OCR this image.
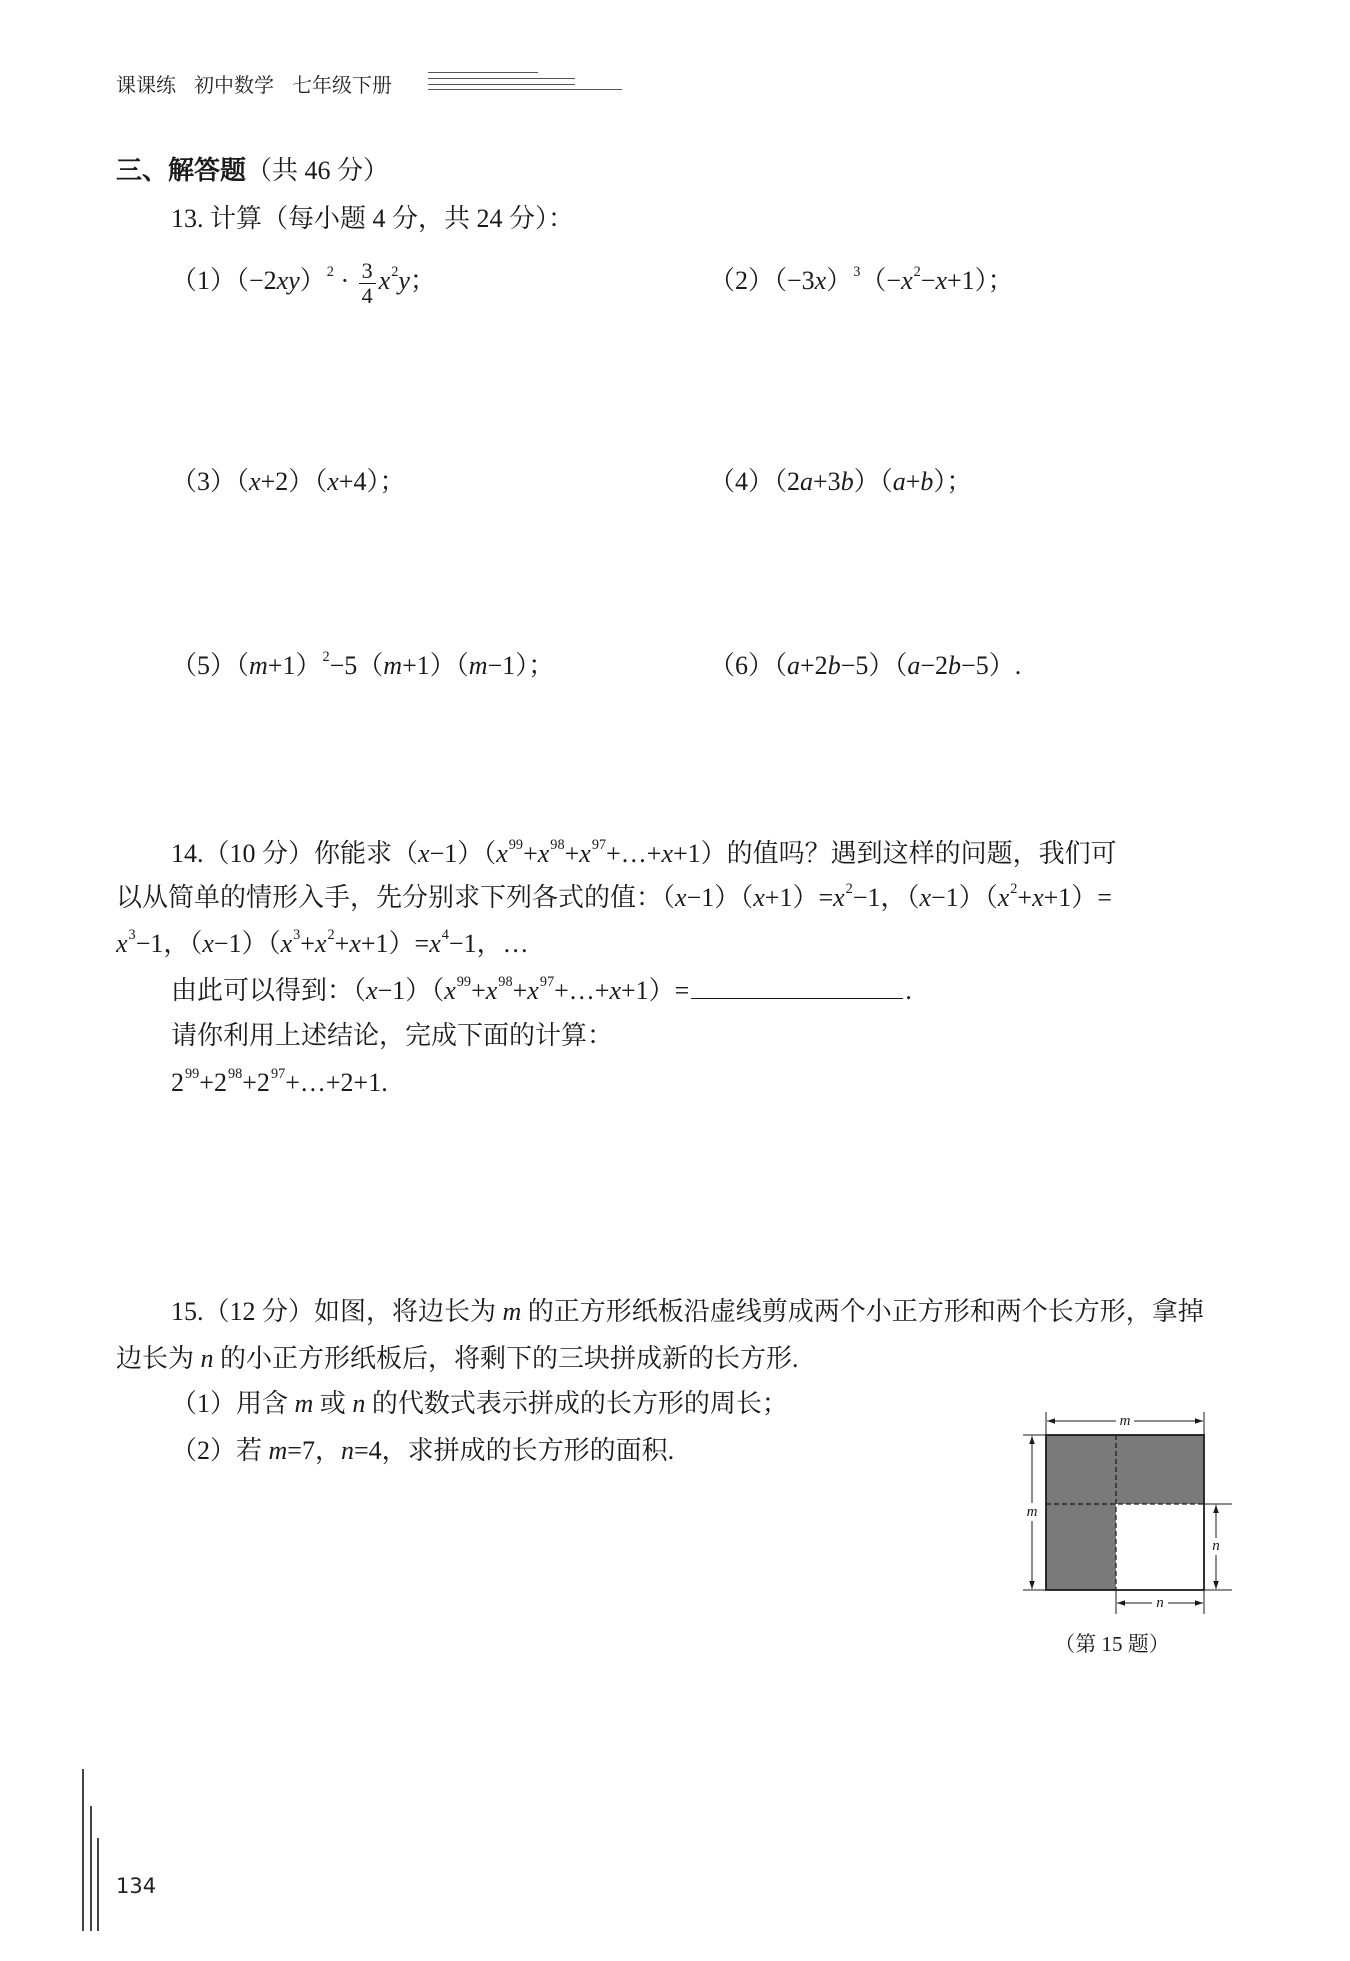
课课练 初中数学 七年级下册
三、解答题（共 46 分）
13. 计算（每小题 4 分，共 24 分）：
$(1)(-2xy)^2 \cdot \frac{3}{4} x^2y$；	$(2)(-3x)^3(-x^2-x+1)$；
（3）（x+2）（x+4）；	（4）（2a+3b）（a+b）；
$(5)(m+1)^2-5(m+1)(m-1)$；	（6）（a+2b−5）（a−2b−5）.
14.（10 分）你能求$(x-1)(x^{99}+x^{98}+x^{97}+\dots+x+1)$的值吗？遇到这样的问题，我们可
以从简单的情形入手，先分别求下列各式的值：$(x-1)(x+1)=x^2-1$，$(x-1)(x^2+x+1)=$
$x^3-1$，$(x-1)(x^3+x^2+x+1)=x^4-1$，…
由此可以得到：$(x-1)(x^{99}+x^{98}+x^{97}+\dots+x+1)=$	.
请你利用上述结论，完成下面的计算：
$2^{99}+2^{98}+2^{97}+\dots+2+1$.
15.（12 分）如图，将边长为 m 的正方形纸板沿虚线剪成两个小正方形和两个长方形，拿掉
边长为 n 的小正方形纸板后，将剩下的三块拼成新的长方形.
（1）用含 m 或 n 的代数式表示拼成的长方形的周长；
（2）若 m=7，n=4，求拼成的长方形的面积.
m
m
n
n
（第 15 题）
134
